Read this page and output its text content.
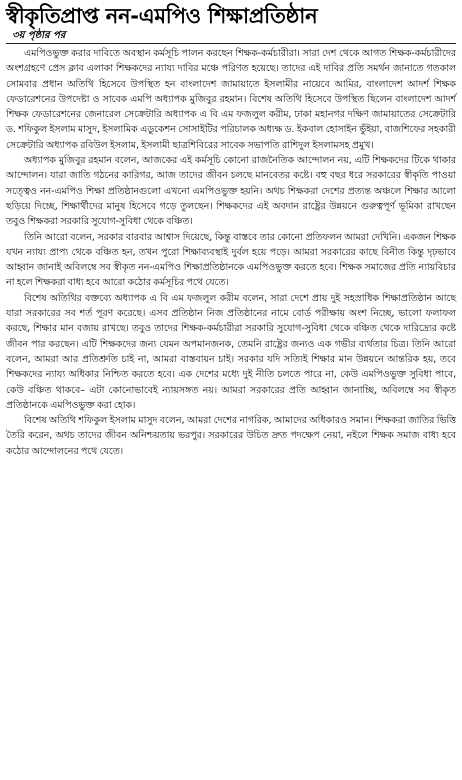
স্বীকৃতিপ্রাপ্ত নন-এমপিও শিক্ষাপ্রতিষ্ঠান
৩য় পৃষ্ঠার পর

এমপিওভুক্ত করার দাবিতে অবস্থান কর্মসূচি পালন করছেন শিক্ষক-কর্মচারীরা। সারা দেশ থেকে আগত শিক্ষক-কর্মচারীদের অংশগ্রহণে প্রেস ক্লাব এলাকা শিক্ষকদের ন্যায্য দাবির মঞ্চে পরিণত হয়েছে। তাদের এই দাবির প্রতি সমর্থন জানাতে গতকাল সোমবার প্রধান অতিথি হিসেবে উপস্থিত হন বাংলাদেশ জামায়াতে ইসলামীর নায়েবে আমির, বাংলাদেশ আদর্শ শিক্ষক ফেডারেশনের উপদেষ্টা ও সাবেক এমপি অধ্যাপক মুজিবুর রহমান। বিশেষ অতিথি হিসেবে উপস্থিত ছিলেন বাংলাদেশ আদর্শ শিক্ষক ফেডারেশনের জেনারেল সেক্রেটারি অধ্যাপক এ বি এম ফজলুল করীম, ঢাকা মহানগর দক্ষিণ জামায়াতের সেক্রেটারি ড. শফিকুল ইসলাম মাসুদ, ইসলামিক এডুকেশন সোসাইটির পরিচালক অধ্যক্ষ ড. ইকবাল হোসাইন ভুঁইয়া, বাজশিফের সহকারী সেক্রেটারি অধ্যাপক রবিউল ইসলাম, ইসলামী ছাত্রশিবিরের সাবেক সভাপতি রাশিদুল ইসলামসহ প্রমুখ।

অধ্যাপক মুজিবুর রহমান বলেন, আজকের এই কর্মসূচি কোনো রাজনৈতিক আন্দোলন নয়, এটি শিক্ষকদের টিকে থাকার আন্দোলন। যারা জাতি গঠনের কারিগর, আজ তাদের জীবন চলছে মানবেতর কষ্টে। বহু বছর ধরে সরকারের স্বীকৃতি পাওয়া সত্ত্বেও নন-এমপিও শিক্ষা প্রতিষ্ঠানগুলো এখনো এমপিওভুক্ত হয়নি। অথচ শিক্ষকরা দেশের প্রত্যন্ত অঞ্চলে শিক্ষার আলো ছড়িয়ে দিচ্ছে, শিক্ষার্থীদের মানুষ হিসেবে গড়ে তুলছেন। শিক্ষকদের এই অবদান রাষ্ট্রের উন্নয়নে গুরুত্বপূর্ণ ভূমিকা রাখছেন তবুও শিক্ষকরা সরকারি সুযোগ-সুবিধা থেকে বঞ্চিত।

তিনি আরো বলেন, সরকার বারবার আশ্বাস দিয়েছে, কিন্তু বাস্তবে তার কোনো প্রতিফলন আমরা দেখিনি। একজন শিক্ষক যখন ন্যায্য প্রাপ্য থেকে বঞ্চিত হন, তখন পুরো শিক্ষাব্যবস্থাই দুর্বল হয়ে পড়ে। আমরা সরকারের কাছে বিনীত কিন্তু দৃঢ়ভাবে আহ্বান জানাই অবিলম্বে সব স্বীকৃত নন-এমপিও শিক্ষাপ্রতিষ্ঠানকে এমপিওভুক্ত করতে হবে। শিক্ষক সমাজের প্রতি ন্যায়বিচার না হলে শিক্ষকরা বাধ্য হবে আরো কঠোর কর্মসূচির পথে যেতে।

বিশেষ অতিথির বক্তব্যে অধ্যাপক এ বি এম ফজলুল করীম বলেন, সারা দেশে প্রায় দুই সহস্রাধিক শিক্ষাপ্রতিষ্ঠান আছে যারা সরকারের সব শর্ত পূরণ করেছে। এসব প্রতিষ্ঠান নিজ প্রতিষ্ঠানের নামে বোর্ড পরীক্ষায় অংশ নিচ্ছে, ভালো ফলাফল করছে, শিক্ষার মান বজায় রাখছে। তবুও তাদের শিক্ষক-কর্মচারীরা সরকারি সুযোগ-সুবিধা থেকে বঞ্চিত থেকে দারিদ্র্যের কষ্টে জীবন পার করছেন। এটি শিক্ষকদের জন্য যেমন অপমানজনক, তেমনি রাষ্ট্রের জন্যও এক গভীর ব্যর্থতার চিত্র। তিনি আরো বলেন, আমরা আর প্রতিশ্রুতি চাই না, আমরা বাস্তবায়ন চাই। সরকার যদি সত্যিই শিক্ষার মান উন্নয়নে আন্তরিক হয়, তবে শিক্ষকদের ন্যায্য অধিকার নিশ্চিত করতে হবে। এক দেশের মধ্যে দুই নীতি চলতে পারে না, কেউ এমপিওভুক্ত সুবিধা পাবে, কেউ বঞ্চিত থাকবে– এটা কোনোভাবেই ন্যায়সঙ্গত নয়। আমরা সরকারের প্রতি আহ্বান জানাচ্ছি, অবিলম্বে সব স্বীকৃত প্রতিষ্ঠানকে এমপিওভুক্ত করা হোক।

বিশেষ অতিথি শফিকুল ইসলাম মাসুদ বলেন, আমরা দেশের নাগরিক, আমাদের অধিকারও সমান। শিক্ষকরা জাতির ভিত্তি তৈরি করেন, অথচ তাদের জীবন অনিশ্চয়তায় ভরপুর। সরকারের উচিত দ্রুত পদক্ষেপ নেয়া, নইলে শিক্ষক সমাজ বাধ্য হবে কঠোর আন্দোলনের পথে যেতে।
